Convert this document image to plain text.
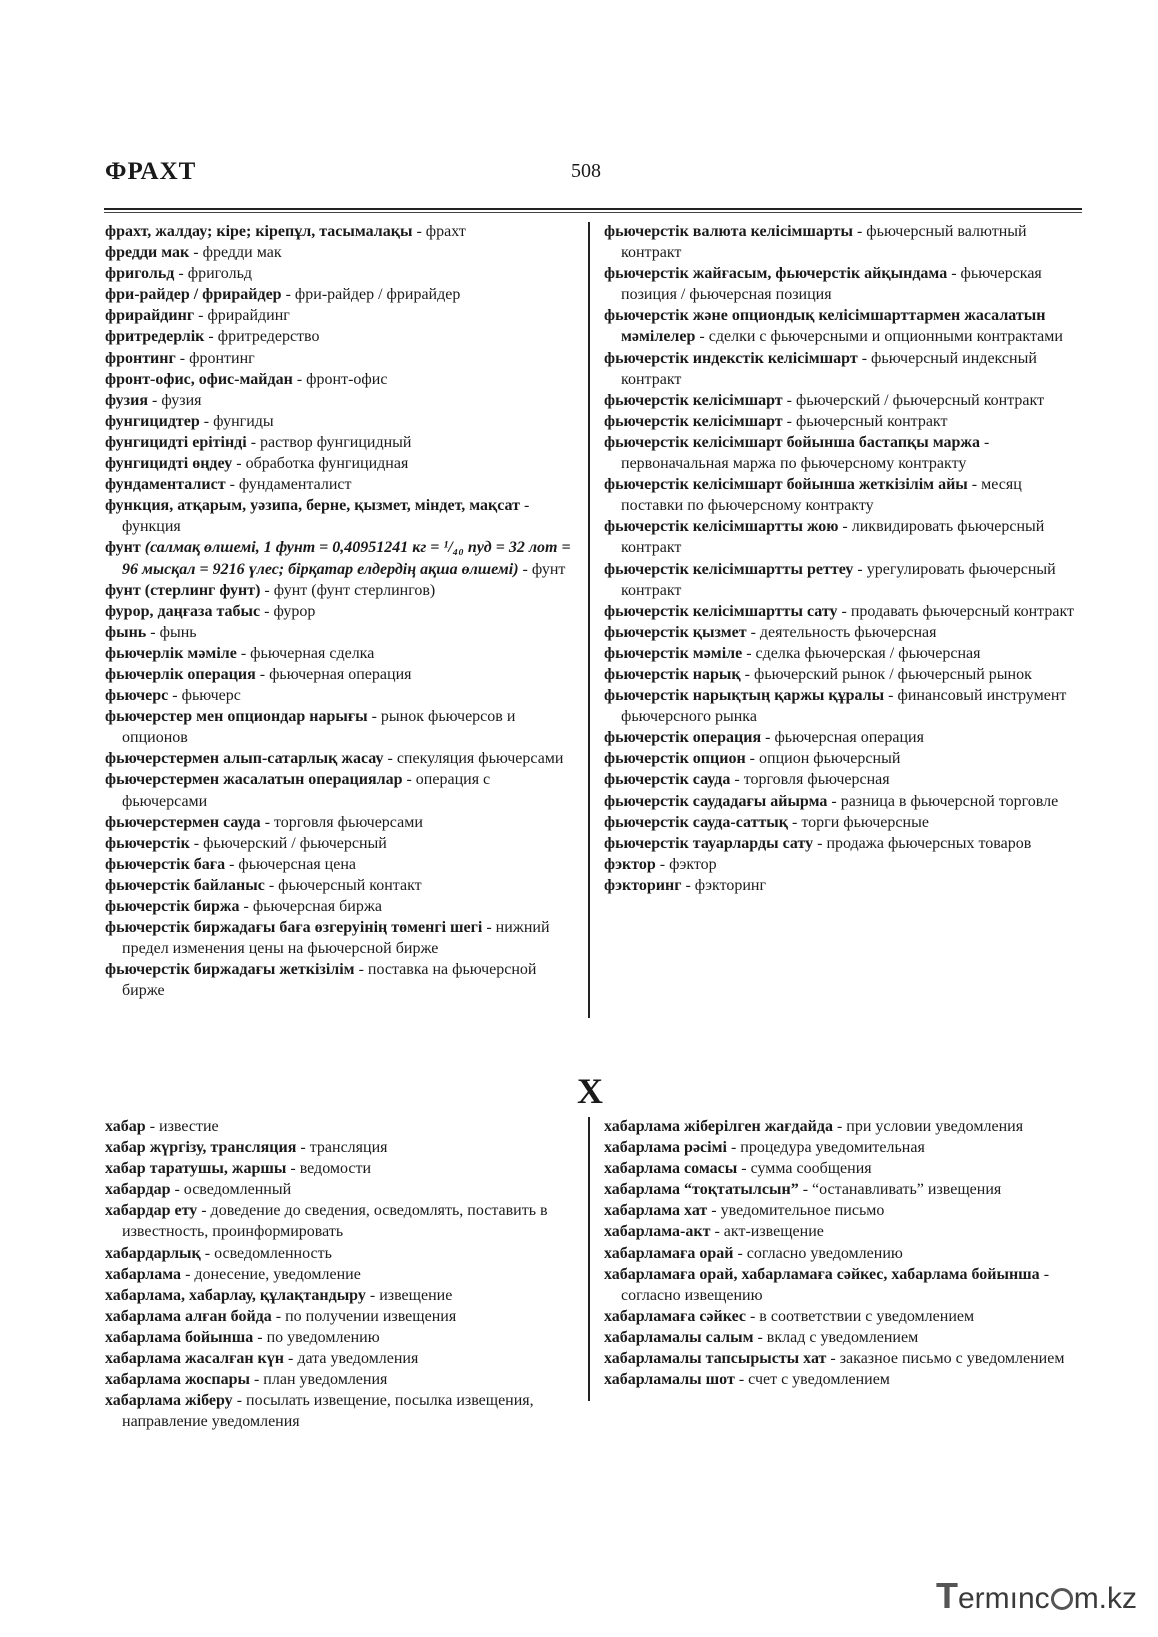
ФРАХТ	508

фрахт, жалдау; кіре; кірепұл, тасымалақы - фрахт

фредди мак - фредди мак

фригольд - фригольд

фри-райдер / фрирайдер - фри-райдер / фрирайдер

фрирайдинг - фрирайдинг

фритредерлік - фритредерство

фронтинг - фронтинг

фронт-офис, офис-майдан - фронт-офис

фузия - фузия

фунгицидтер - фунгиды

фунгицидті ерітінді - раствор фунгицидный

фунгицидті өңдеу - обработка фунгицидная

фундаменталист - фундаменталист

функция, атқарым, уәзипа, берне, қызмет, міндет, мақсат - функция

фунт (салмақ өлшемі, 1 фунт = 0,40951241 кг = ¹/₄₀ пуд = 32 лот = 96 мысқал = 9216 үлес; бірқатар елдердің ақша өлшемі) - фунт

фунт (стерлинг фунт) - фунт (фунт стерлингов)

фурор, даңғаза табыс - фурор

фынь - фынь

фьючерлік мәміле - фьючерная сделка

фьючерлік операция - фьючерная операция

фьючерс - фьючерс

фьючерстер мен опциондар нарығы - рынок фьючерсов и опционов

фьючерстермен алып-сатарлық жасау - спекуляция фьючерсами

фьючерстермен жасалатын операциялар - операция с фьючерсами

фьючерстермен сауда - торговля фьючерсами

фьючерстік - фьючерский / фьючерсный

фьючерстік баға - фьючерсная цена

фьючерстік байланыс - фьючерсный контакт

фьючерстік биржа - фьючерсная биржа

фьючерстік биржадағы баға өзгеруінің төменгі шегі - нижний предел изменения цены на фьючерсной бирже

фьючерстік биржадағы жеткізілім - поставка на фьючерсной бирже

фьючерстік валюта келісімшарты - фьючерсный валютный контракт

фьючерстік жайғасым, фьючерстік айқындама - фьючерская позиция / фьючерсная позиция

фьючерстік және опциондық келісімшарттармен жасалатын мәмілелер - сделки с фьючерсными и опционными контрактами

фьючерстік индекстік келісімшарт - фьючерсный индексный контракт

фьючерстік келісімшарт - фьючерский / фьючерсный контракт

фьючерстік келісімшарт - фьючерсный контракт

фьючерстік келісімшарт бойынша бастапқы маржа - первоначальная маржа по фьючерсному контракту

фьючерстік келісімшарт бойынша жеткізілім айы - месяц поставки по фьючерсному контракту

фьючерстік келісімшартты жою - ликвидировать фьючерсный контракт

фьючерстік келісімшартты реттеу - урегулировать фьючерсный контракт

фьючерстік келісімшартты сату - продавать фьючерсный контракт

фьючерстік қызмет - деятельность фьючерсная

фьючерстік мәміле - сделка фьючерская / фьючерсная

фьючерстік нарық - фьючерский рынок / фьючерсный рынок

фьючерстік нарықтың қаржы құралы - финансовый инструмент фьючерсного рынка

фьючерстік операция - фьючерсная операция

фьючерстік опцион - опцион фьючерсный

фьючерстік сауда - торговля фьючерсная

фьючерстік саудадағы айырма - разница в фьючерсной торговле

фьючерстік сауда-саттық - торги фьючерсные

фьючерстік тауарларды сату - продажа фьючерсных товаров

фэктор - фэктор

фэкторинг - фэкторинг

Х

хабар - известие

хабар жүргізу, трансляция - трансляция

хабар таратушы, жаршы - ведомости

хабардар - осведомленный

хабардар ету - доведение до сведения, осведомлять, поставить в известность, проинформировать

хабардарлық - осведомленность

хабарлама - донесение, уведомление

хабарлама, хабарлау, құлақтандыру - извещение

хабарлама алған бойда - по получении извещения

хабарлама бойынша - по уведомлению

хабарлама жасалған күн - дата уведомления

хабарлама жоспары - план уведомления

хабарлама жіберу - посылать извещение, посылка извещения, направление уведомления

хабарлама жіберілген жағдайда - при условии уведомления

хабарлама рәсімі - процедура уведомительная

хабарлама сомасы - сумма сообщения

хабарлама “тоқтатылсын” - “останавливать” извещения

хабарлама хат - уведомительное письмо

хабарлама-акт - акт-извещение

хабарламаға орай - согласно уведомлению

хабарламаға орай, хабарламаға сәйкес, хабарлама бойынша - согласно извещению

хабарламаға сәйкес - в соответствии с уведомлением

хабарламалы салым - вклад с уведомлением

хабарламалы тапсырысты хат - заказное письмо с уведомлением

хабарламалы шот - счет с уведомлением

Termınc m.kz
